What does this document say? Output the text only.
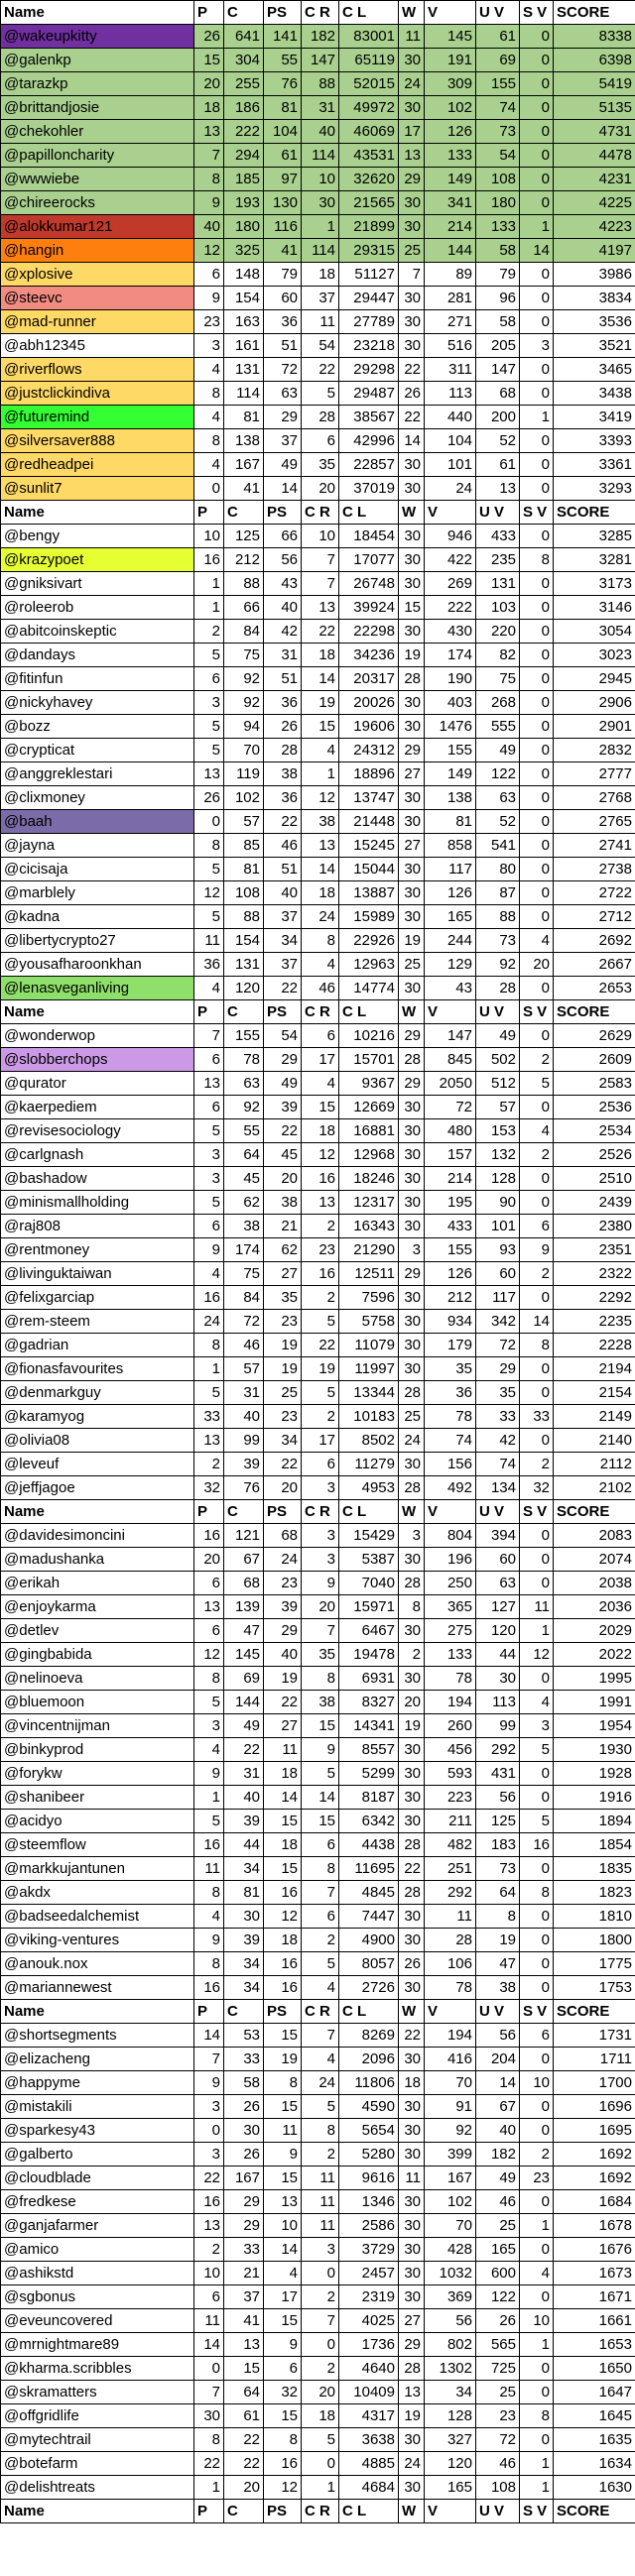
Name	P	C	PS	C R	C L	W	V	U V	S V	SCORE
@wakeupkitty	26	641	141	182	83001	11	145	61	0	8338
@galenkp	15	304	55	147	65119	30	191	69	0	6398
@tarazkp	20	255	76	88	52015	24	309	155	0	5419
@brittandjosie	18	186	81	31	49972	30	102	74	0	5135
@chekohler	13	222	104	40	46069	17	126	73	0	4731
@papilloncharity	7	294	61	114	43531	13	133	54	0	4478
@wwwiebe	8	185	97	10	32620	29	149	108	0	4231
@chireerocks	9	193	130	30	21565	30	341	180	0	4225
@alokkumar121	40	180	116	1	21899	30	214	133	1	4223
@hangin	12	325	41	114	29315	25	144	58	14	4197
@xplosive	6	148	79	18	51127	7	89	79	0	3986
@steevc	9	154	60	37	29447	30	281	96	0	3834
@mad-runner	23	163	36	11	27789	30	271	58	0	3536
@abh12345	3	161	51	54	23218	30	516	205	3	3521
@riverflows	4	131	72	22	29298	22	311	147	0	3465
@justclickindiva	8	114	63	5	29487	26	113	68	0	3438
@futuremind	4	81	29	28	38567	22	440	200	1	3419
@silversaver888	8	138	37	6	42996	14	104	52	0	3393
@redheadpei	4	167	49	35	22857	30	101	61	0	3361
@sunlit7	0	41	14	20	37019	30	24	13	0	3293
Name	P	C	PS	C R	C L	W	V	U V	S V	SCORE
@bengy	10	125	66	10	18454	30	946	433	0	3285
@krazypoet	16	212	56	7	17077	30	422	235	8	3281
@gniksivart	1	88	43	7	26748	30	269	131	0	3173
@roleerob	1	66	40	13	39924	15	222	103	0	3146
@abitcoinskeptic	2	84	42	22	22298	30	430	220	0	3054
@dandays	5	75	31	18	34236	19	174	82	0	3023
@fitinfun	6	92	51	14	20317	28	190	75	0	2945
@nickyhavey	3	92	36	19	20026	30	403	268	0	2906
@bozz	5	94	26	15	19606	30	1476	555	0	2901
@crypticat	5	70	28	4	24312	29	155	49	0	2832
@anggreklestari	13	119	38	1	18896	27	149	122	0	2777
@clixmoney	26	102	36	12	13747	30	138	63	0	2768
@baah	0	57	22	38	21448	30	81	52	0	2765
@jayna	8	85	46	13	15245	27	858	541	0	2741
@cicisaja	5	81	51	14	15044	30	117	80	0	2738
@marblely	12	108	40	18	13887	30	126	87	0	2722
@kadna	5	88	37	24	15989	30	165	88	0	2712
@libertycrypto27	11	154	34	8	22926	19	244	73	4	2692
@yousafharoonkhan	36	131	37	4	12963	25	129	92	20	2667
@lenasveganliving	4	120	22	46	14774	30	43	28	0	2653
Name	P	C	PS	C R	C L	W	V	U V	S V	SCORE
@wonderwop	7	155	54	6	10216	29	147	49	0	2629
@slobberchops	6	78	29	17	15701	28	845	502	2	2609
@qurator	13	63	49	4	9367	29	2050	512	5	2583
@kaerpediem	6	92	39	15	12669	30	72	57	0	2536
@revisesociology	5	55	22	18	16881	30	480	153	4	2534
@carlgnash	3	64	45	12	12968	30	157	132	2	2526
@bashadow	3	45	20	16	18246	30	214	128	0	2510
@minismallholding	5	62	38	13	12317	30	195	90	0	2439
@raj808	6	38	21	2	16343	30	433	101	6	2380
@rentmoney	9	174	62	23	21290	3	155	93	9	2351
@livinguktaiwan	4	75	27	16	12511	29	126	60	2	2322
@felixgarciap	16	84	35	2	7596	30	212	117	0	2292
@rem-steem	24	72	23	5	5758	30	934	342	14	2235
@gadrian	8	46	19	22	11079	30	179	72	8	2228
@fionasfavourites	1	57	19	19	11997	30	35	29	0	2194
@denmarkguy	5	31	25	5	13344	28	36	35	0	2154
@karamyog	33	40	23	2	10183	25	78	33	33	2149
@olivia08	13	99	34	17	8502	24	74	42	0	2140
@leveuf	2	39	22	6	11279	30	156	74	2	2112
@jeffjagoe	32	76	20	3	4953	28	492	134	32	2102
Name	P	C	PS	C R	C L	W	V	U V	S V	SCORE
@davidesimoncini	16	121	68	3	15429	3	804	394	0	2083
@madushanka	20	67	24	3	5387	30	196	60	0	2074
@erikah	6	68	23	9	7040	28	250	63	0	2038
@enjoykarma	13	139	39	20	15971	8	365	127	11	2036
@detlev	6	47	29	7	6467	30	275	120	1	2029
@gingbabida	12	145	40	35	19478	2	133	44	12	2022
@nelinoeva	8	69	19	8	6931	30	78	30	0	1995
@bluemoon	5	144	22	38	8327	20	194	113	4	1991
@vincentnijman	3	49	27	15	14341	19	260	99	3	1954
@binkyprod	4	22	11	9	8557	30	456	292	5	1930
@forykw	9	31	18	5	5299	30	593	431	0	1928
@shanibeer	1	40	14	14	8187	30	223	56	0	1916
@acidyo	5	39	15	15	6342	30	211	125	5	1894
@steemflow	16	44	18	6	4438	28	482	183	16	1854
@markkujantunen	11	34	15	8	11695	22	251	73	0	1835
@akdx	8	81	16	7	4845	28	292	64	8	1823
@badseedalchemist	4	30	12	6	7447	30	11	8	0	1810
@viking-ventures	9	39	18	2	4900	30	28	19	0	1800
@anouk.nox	8	34	16	5	8057	26	106	47	0	1775
@mariannewest	16	34	16	4	2726	30	78	38	0	1753
Name	P	C	PS	C R	C L	W	V	U V	S V	SCORE
@shortsegments	14	53	15	7	8269	22	194	56	6	1731
@elizacheng	7	33	19	4	2096	30	416	204	0	1711
@happyme	9	58	8	24	11806	18	70	14	10	1700
@mistakili	3	26	15	5	4590	30	91	67	0	1696
@sparkesy43	0	30	11	8	5654	30	92	40	0	1695
@galberto	3	26	9	2	5280	30	399	182	2	1692
@cloudblade	22	167	15	11	9616	11	167	49	23	1692
@fredkese	16	29	13	11	1346	30	102	46	0	1684
@ganjafarmer	13	29	10	11	2586	30	70	25	1	1678
@amico	2	33	14	3	3729	30	428	165	0	1676
@ashikstd	10	21	4	0	2457	30	1032	600	4	1673
@sgbonus	6	37	17	2	2319	30	369	122	0	1671
@eveuncovered	11	41	15	7	4025	27	56	26	10	1661
@mrnightmare89	14	13	9	0	1736	29	802	565	1	1653
@kharma.scribbles	0	15	6	2	4640	28	1302	725	0	1650
@skramatters	7	64	32	20	10409	13	34	25	0	1647
@offgridlife	30	61	15	18	4317	19	128	23	8	1645
@mytechtrail	8	22	8	5	3638	30	327	72	0	1635
@botefarm	22	22	16	0	4885	24	120	46	1	1634
@delishtreats	1	20	12	1	4684	30	165	108	1	1630
Name	P	C	PS	C R	C L	W	V	U V	S V	SCORE
